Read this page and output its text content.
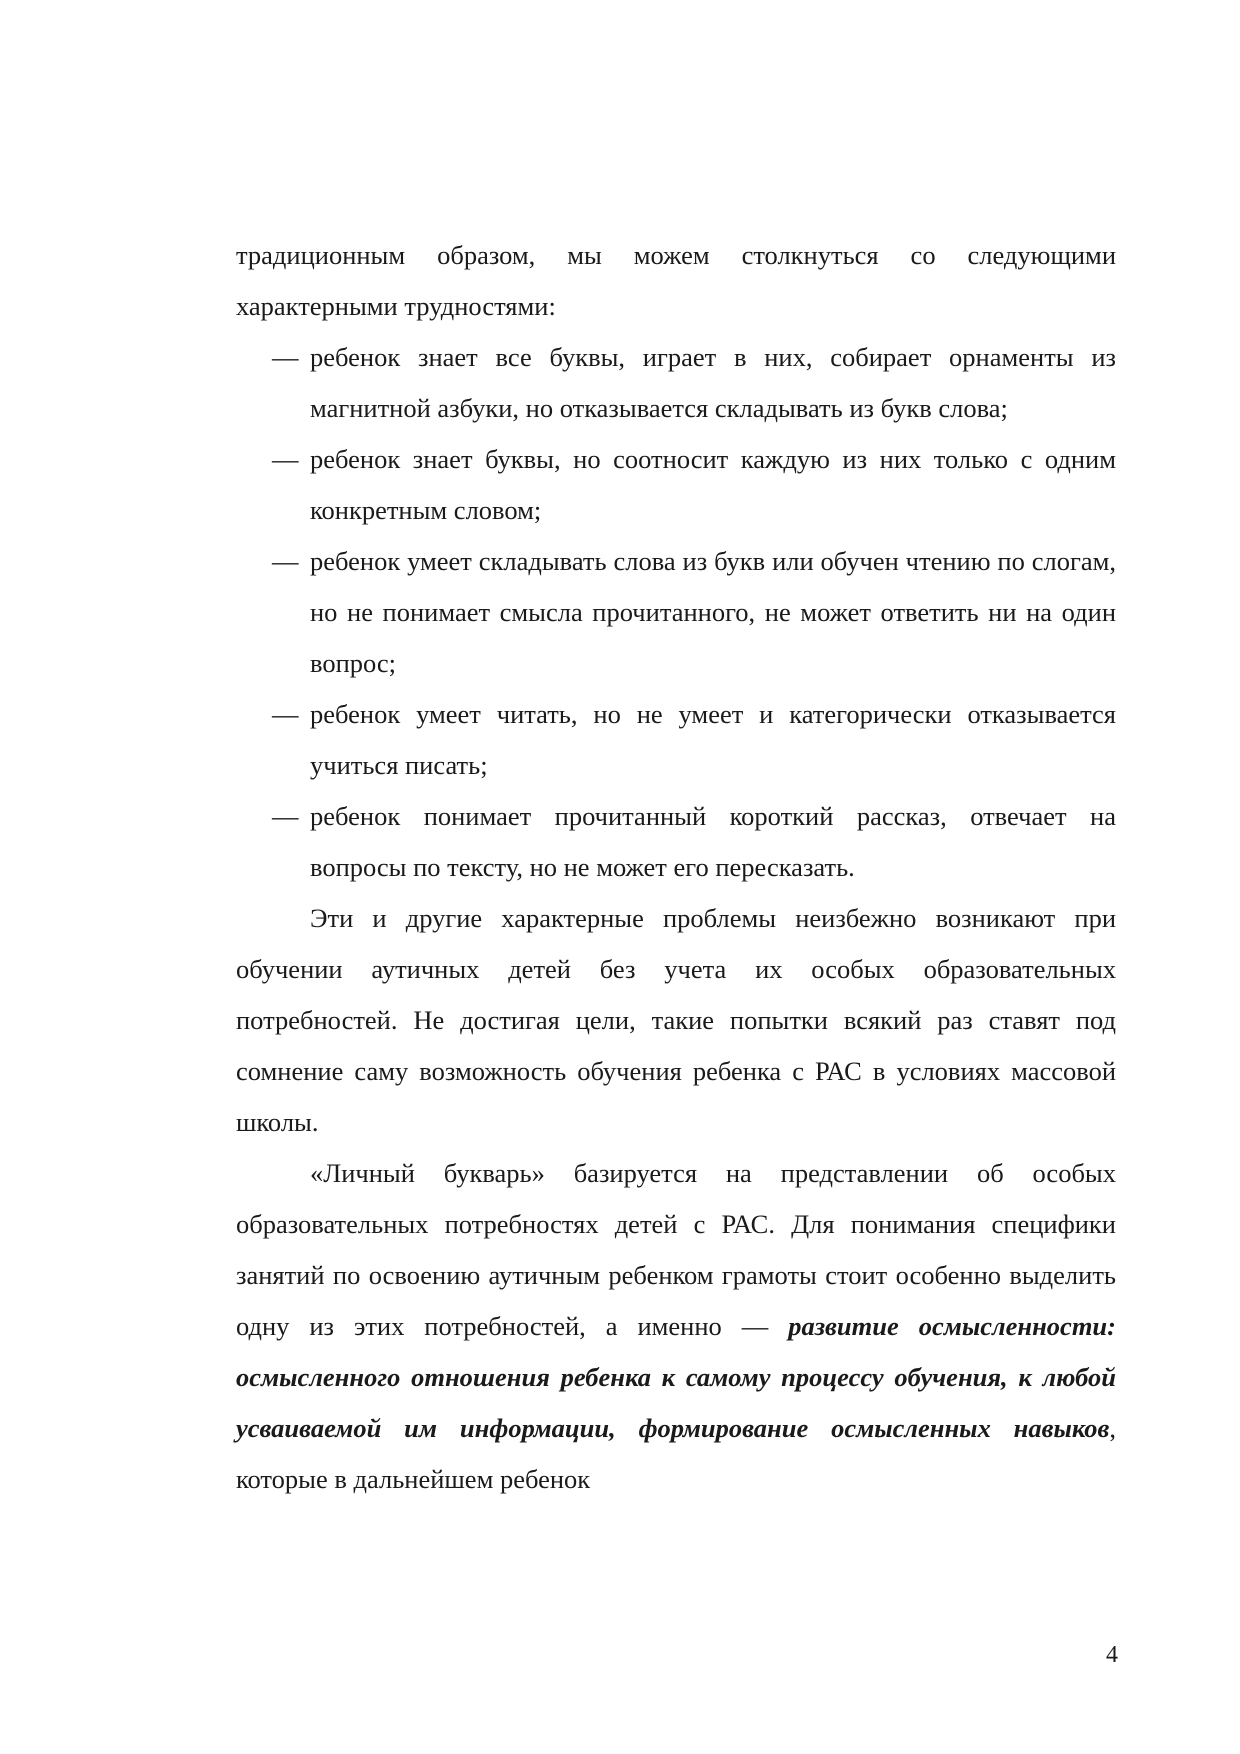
традиционным образом, мы можем столкнуться со следующими характерными трудностями:

— ребенок знает все буквы, играет в них, собирает орнаменты из магнитной азбуки, но отказывается складывать из букв слова;
— ребенок знает буквы, но соотносит каждую из них только с одним конкретным словом;
— ребенок умеет складывать слова из букв или обучен чтению по слогам, но не понимает смысла прочитанного, не может ответить ни на один вопрос;
— ребенок умеет читать, но не умеет и категорически отказывается учиться писать;
— ребенок понимает прочитанный короткий рассказ, отвечает на вопросы по тексту, но не может его пересказать.

Эти и другие характерные проблемы неизбежно возникают при обучении аутичных детей без учета их особых образовательных потребностей. Не достигая цели, такие попытки всякий раз ставят под сомнение саму возможность обучения ребенка с РАС в условиях массовой школы.

«Личный букварь» базируется на представлении об особых образовательных потребностях детей с РАС. Для понимания специфики занятий по освоению аутичным ребенком грамоты стоит особенно выделить одну из этих потребностей, а именно — развитие осмысленности: осмысленного отношения ребенка к самому процессу обучения, к любой усваиваемой им информации, формирование осмысленных навыков, которые в дальнейшем ребенок

4
